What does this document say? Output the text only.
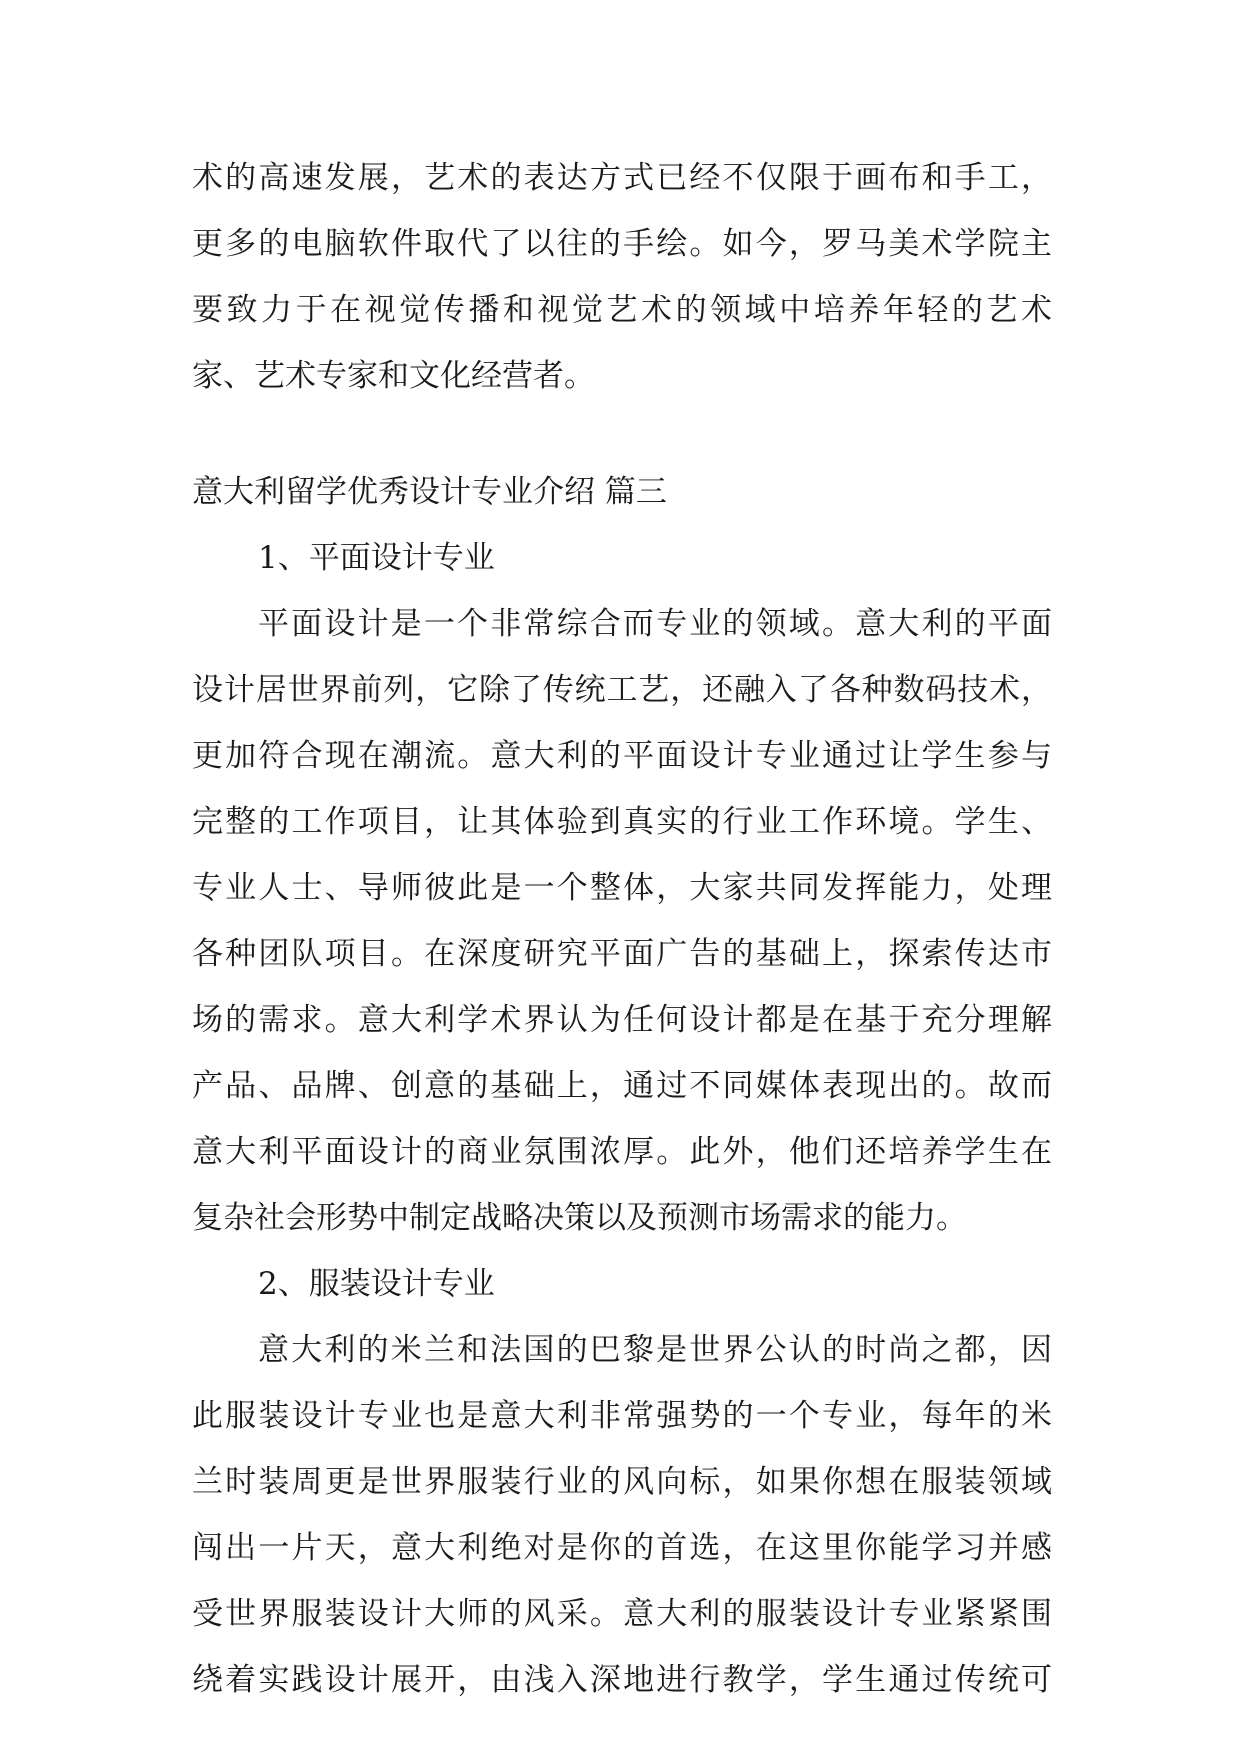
术的高速发展，艺术的表达方式已经不仅限于画布和手工，
更多的电脑软件取代了以往的手绘。如今，罗马美术学院主
要致力于在视觉传播和视觉艺术的领域中培养年轻的艺术
家、艺术专家和文化经营者。
意大利留学优秀设计专业介绍 篇三
1、平面设计专业
平面设计是一个非常综合而专业的领域。意大利的平面
设计居世界前列，它除了传统工艺，还融入了各种数码技术，
更加符合现在潮流。意大利的平面设计专业通过让学生参与
完整的工作项目，让其体验到真实的行业工作环境。学生、
专业人士、导师彼此是一个整体，大家共同发挥能力，处理
各种团队项目。在深度研究平面广告的基础上，探索传达市
场的需求。意大利学术界认为任何设计都是在基于充分理解
产品、品牌、创意的基础上，通过不同媒体表现出的。故而
意大利平面设计的商业氛围浓厚。此外，他们还培养学生在
复杂社会形势中制定战略决策以及预测市场需求的能力。
2、服装设计专业
意大利的米兰和法国的巴黎是世界公认的时尚之都，因
此服装设计专业也是意大利非常强势的一个专业，每年的米
兰时装周更是世界服装行业的风向标，如果你想在服装领域
闯出一片天，意大利绝对是你的首选，在这里你能学习并感
受世界服装设计大师的风采。意大利的服装设计专业紧紧围
绕着实践设计展开，由浅入深地进行教学，学生通过传统可
